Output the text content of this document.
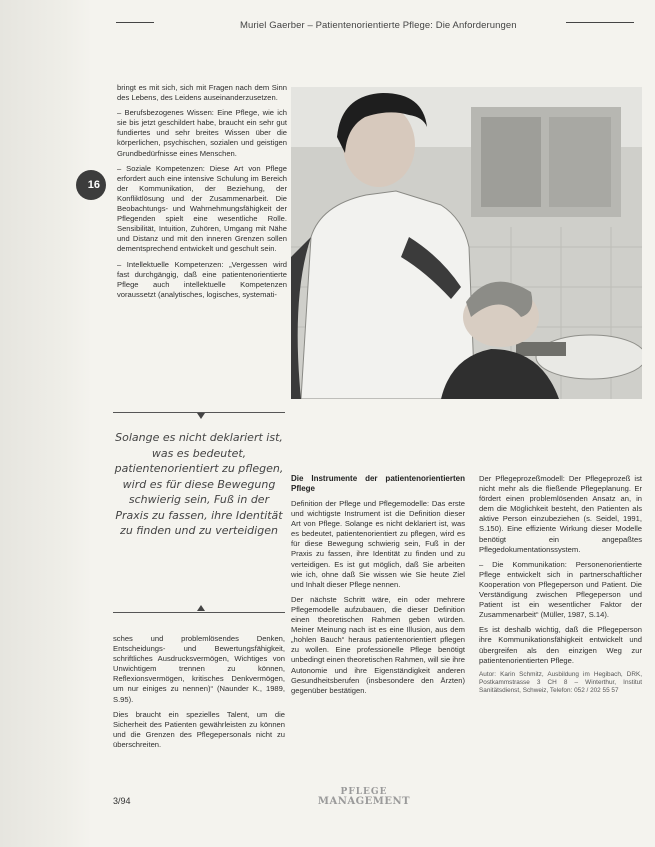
Muriel Gaerber – Patientenorientierte Pflege: Die Anforderungen
16

bringt es mit sich, sich mit Fragen nach dem Sinn des Lebens, des Leidens auseinanderzusetzen.

– Berufsbezogenes Wissen: Eine Pflege, wie ich sie bis jetzt geschildert habe, braucht ein sehr gut fundiertes und sehr breites Wissen über die körperlichen, psychischen, sozialen und geistigen Grundbedürfnisse eines Menschen.

– Soziale Kompetenzen: Diese Art von Pflege erfordert auch eine intensive Schulung im Bereich der Kommunikation, der Beziehung, der Konfliktlösung und der Zusammenarbeit. Die Beobachtungs- und Wahrnehmungsfähigkeit der Pflegenden spielt eine wesentliche Rolle. Sensibilität, Intuition, Zuhören, Umgang mit Nähe und Distanz und mit den inneren Grenzen sollen dementsprechend entwickelt und geschult sein.

– Intellektuelle Kompetenzen: „Vergessen wird fast durchgängig, daß eine patientenorientierte Pflege auch intellektuelle Kompetenzen voraussetzt (analytisches, logisches, systemati-

Solange es nicht deklariert ist, was es bedeutet, patientenorientiert zu pflegen, wird es für diese Bewegung schwierig sein, Fuß in der Praxis zu fassen, ihre Identität zu finden und zu verteidigen

sches und problemlösendes Denken, Entscheidungs- und Bewertungsfähigkeit, schriftliches Ausdrucksvermögen, Wichtiges von Unwichtigem trennen zu können, Reflexionsvermögen, kritisches Denkvermögen, um nur einiges zu nennen)“ (Naunder K., 1989, S.95).

Dies braucht ein spezielles Talent, um die Sicherheit des Patienten gewährleisten zu können und die Grenzen des Pflegepersonals nicht zu überschreiten.

Die Instrumente der patientenorientierten Pflege

Definition der Pflege und Pflegemodelle: Das erste und wichtigste Instrument ist die Definition dieser Art von Pflege. Solange es nicht deklariert ist, was es bedeutet, patientenorientiert zu pflegen, wird es für diese Bewegung schwierig sein, Fuß in der Praxis zu fassen, ihre Identität zu finden und zu verteidigen. Es ist gut möglich, daß Sie arbeiten wie ich, ohne daß Sie wissen wie Sie heute Ziel und Inhalt dieser Pflege nennen.

Der nächste Schritt wäre, ein oder mehrere Pflegemodelle aufzubauen, die dieser Definition einen theoretischen Rahmen geben würden. Meiner Meinung nach ist es eine Illusion, aus dem „hohlen Bauch“ heraus patientenorientiert pflegen zu wollen. Eine professionelle Pflege benötigt unbedingt einen theoretischen Rahmen, will sie ihre Autonomie und ihre Eigenständigkeit anderen Gesundheitsberufen (insbesondere den Ärzten) gegenüber bestätigen.

Der Pflegeprozeßmodell: Der Pflegeprozeß ist nicht mehr als die fließende Pflegeplanung. Er fördert einen problemlösenden Ansatz an, in dem die Möglichkeit besteht, den Patienten als aktive Person einzubeziehen (s. Seidel, 1991, S.150). Eine effiziente Wirkung dieser Modelle benötigt ein angepaßtes Pflegedokumentationssystem.

– Die Kommunikation: Personenorientierte Pflege entwickelt sich in partnerschaftlicher Kooperation von Pflegeperson und Patient. Die Verständigung zwischen Pflegeperson und Patient ist ein wesentlicher Faktor der Zusammenarbeit“ (Müller, 1987, S.14).

Es ist deshalb wichtig, daß die Pflegeperson ihre Kommunikationsfähigkeit entwickelt und übergreifen als den einzigen Weg zur patientenorientierten Pflege.

Autor: Karin Schmitz, Ausbildung im Hegibach, DRK, Postkammstrasse 3 CH 8 – Winterthur, Institut Sanitätsdienst, Schweiz, Telefon: 052 / 202 55 57

3/94
PFLEGE
MANAGEMENT
